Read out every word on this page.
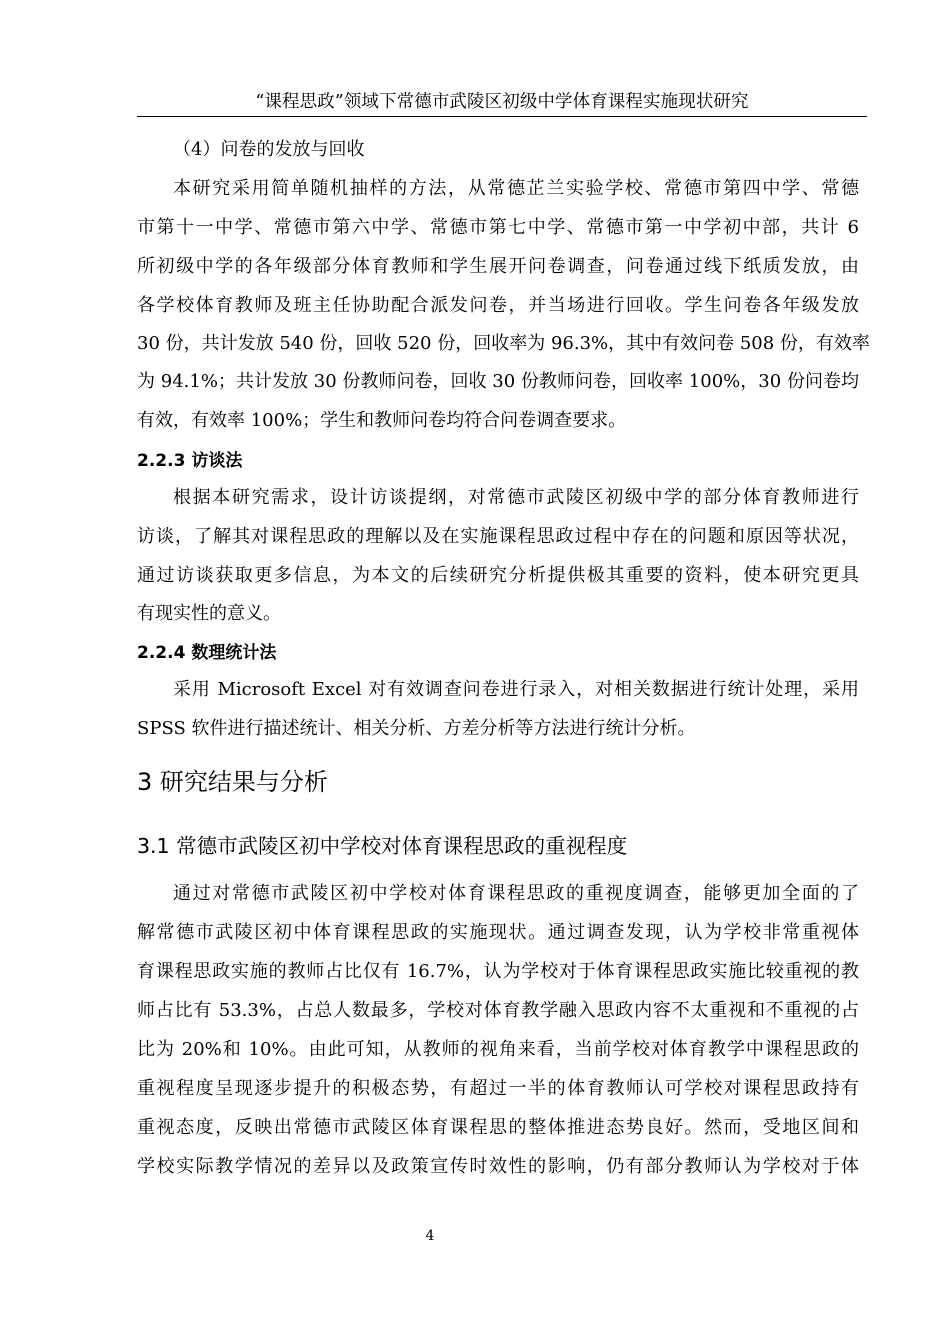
“课程思政”领域下常德市武陵区初级中学体育课程实施现状研究
（4）问卷的发放与回收
本研究采用简单随机抽样的方法，从常德芷兰实验学校、常德市第四中学、常德
市第十一中学、常德市第六中学、常德市第七中学、常德市第一中学初中部，共计 6
所初级中学的各年级部分体育教师和学生展开问卷调查，问卷通过线下纸质发放，由
各学校体育教师及班主任协助配合派发问卷，并当场进行回收。学生问卷各年级发放
30 份，共计发放 540 份，回收 520 份，回收率为 96.3%，其中有效问卷 508 份，有效率
为 94.1%；共计发放 30 份教师问卷，回收 30 份教师问卷，回收率 100%，30 份问卷均
有效，有效率 100%；学生和教师问卷均符合问卷调查要求。
2.2.3 访谈法
根据本研究需求，设计访谈提纲，对常德市武陵区初级中学的部分体育教师进行
访谈，了解其对课程思政的理解以及在实施课程思政过程中存在的问题和原因等状况，
通过访谈获取更多信息，为本文的后续研究分析提供极其重要的资料，使本研究更具
有现实性的意义。
2.2.4 数理统计法
采用 Microsoft Excel 对有效调查问卷进行录入，对相关数据进行统计处理，采用
SPSS 软件进行描述统计、相关分析、方差分析等方法进行统计分析。
3 研究结果与分析
3.1 常德市武陵区初中学校对体育课程思政的重视程度
通过对常德市武陵区初中学校对体育课程思政的重视度调查，能够更加全面的了
解常德市武陵区初中体育课程思政的实施现状。通过调查发现，认为学校非常重视体
育课程思政实施的教师占比仅有 16.7%，认为学校对于体育课程思政实施比较重视的教
师占比有 53.3%，占总人数最多，学校对体育教学融入思政内容不太重视和不重视的占
比为 20%和 10%。由此可知，从教师的视角来看，当前学校对体育教学中课程思政的
重视程度呈现逐步提升的积极态势，有超过一半的体育教师认可学校对课程思政持有
重视态度，反映出常德市武陵区体育课程思的整体推进态势良好。然而，受地区间和
学校实际教学情况的差异以及政策宣传时效性的影响，仍有部分教师认为学校对于体
4
